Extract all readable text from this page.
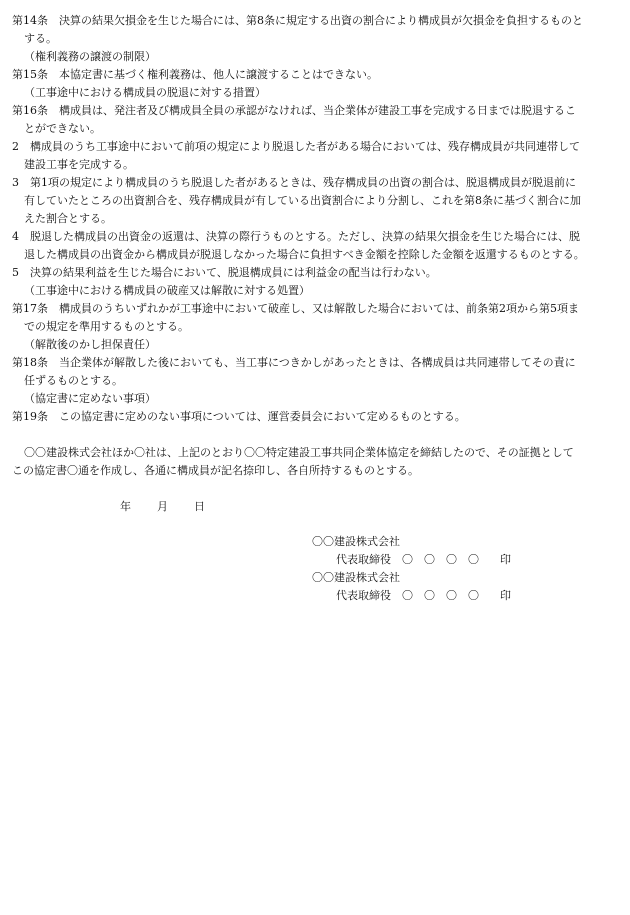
第14条　決算の結果欠損金を生じた場合には、第8条に規定する出資の割合により構成員が欠損金を負担するものと
する。
（権利義務の譲渡の制限）
第15条　本協定書に基づく権利義務は、他人に譲渡することはできない。
（工事途中における構成員の脱退に対する措置）
第16条　構成員は、発注者及び構成員全員の承認がなければ、当企業体が建設工事を完成する日までは脱退するこ
とができない。
2　構成員のうち工事途中において前項の規定により脱退した者がある場合においては、残存構成員が共同連帯して
建設工事を完成する。
3　第1項の規定により構成員のうち脱退した者があるときは、残存構成員の出資の割合は、脱退構成員が脱退前に
有していたところの出資割合を、残存構成員が有している出資割合により分割し、これを第8条に基づく割合に加
えた割合とする。
4　脱退した構成員の出資金の返還は、決算の際行うものとする。ただし、決算の結果欠損金を生じた場合には、脱
退した構成員の出資金から構成員が脱退しなかった場合に負担すべき金額を控除した金額を返還するものとする。
5　決算の結果利益を生じた場合において、脱退構成員には利益金の配当は行わない。
（工事途中における構成員の破産又は解散に対する処置）
第17条　構成員のうちいずれかが工事途中において破産し、又は解散した場合においては、前条第2項から第5項ま
での規定を準用するものとする。
（解散後のかし担保責任）
第18条　当企業体が解散した後においても、当工事につきかしがあったときは、各構成員は共同連帯してその責に
任ずるものとする。
（協定書に定めない事項）
第19条　この協定書に定めのない事項については、運営委員会において定めるものとする。
〇〇建設株式会社ほか〇社は、上記のとおり〇〇特定建設工事共同企業体協定を締結したので、その証拠として
この協定書〇通を作成し、各通に構成員が記名捺印し、各自所持するものとする。
年 月 日
〇〇建設株式会社
代表取締役　 〇　〇　〇　〇　 印
〇〇建設株式会社
代表取締役　 〇　〇　〇　〇　 印
